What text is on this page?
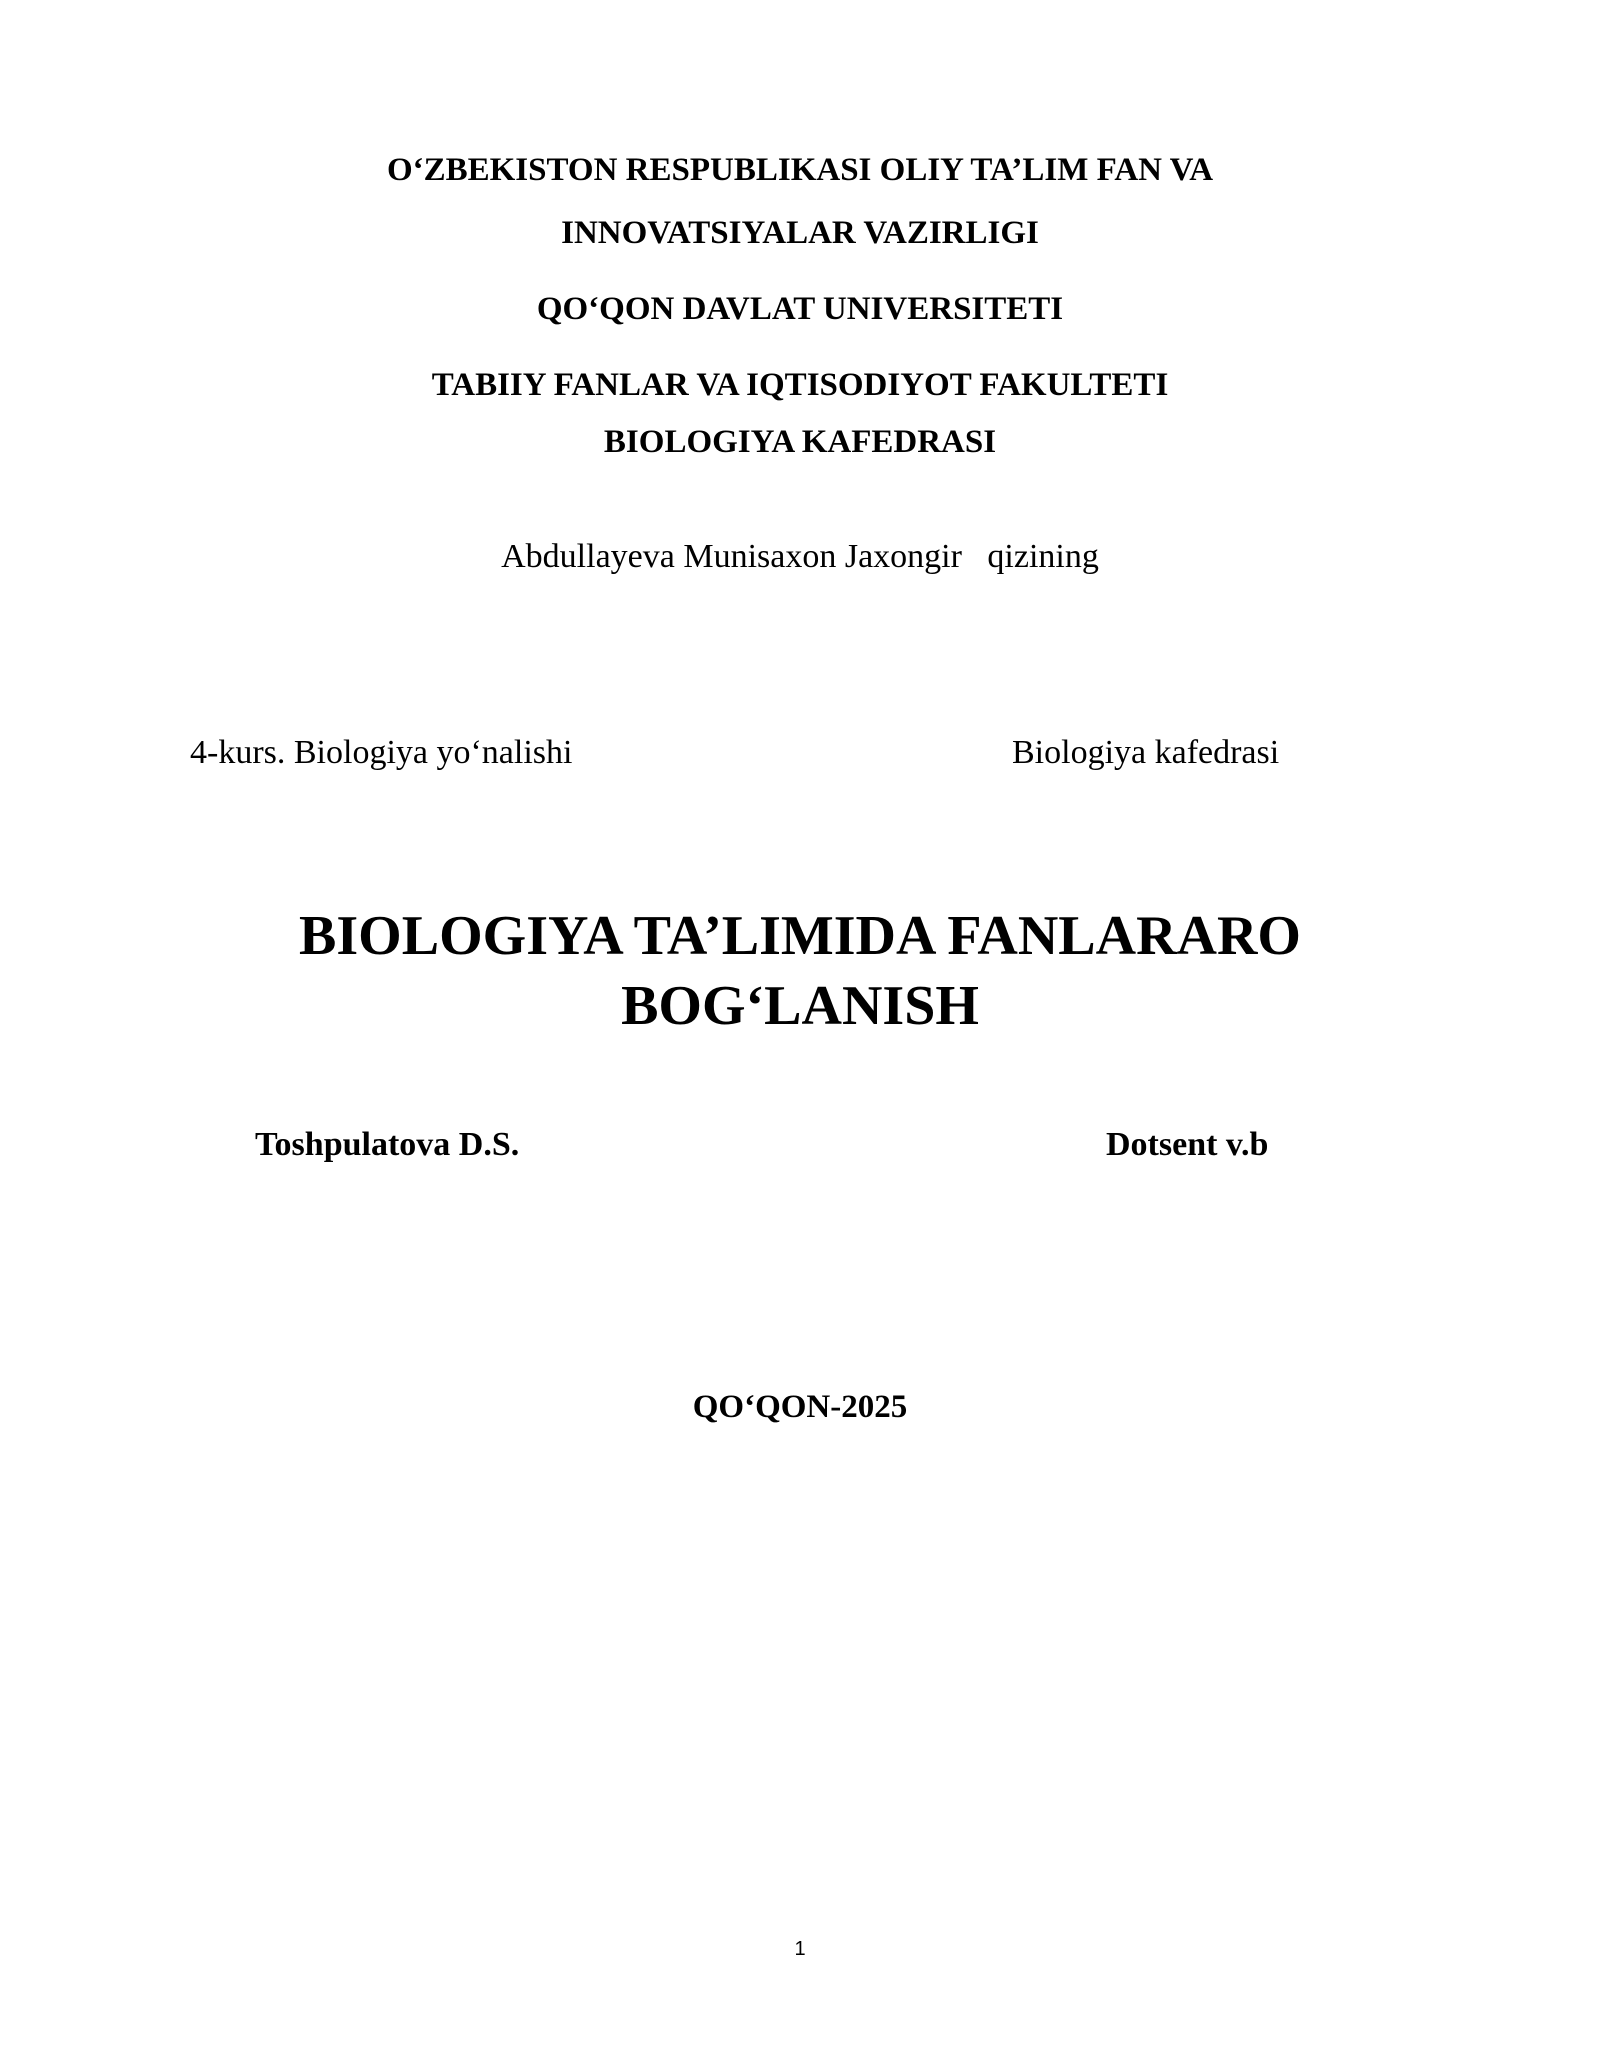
O‘ZBEKISTON RESPUBLIKASI OLIY TA’LIM FAN VA
INNOVATSIYALAR VAZIRLIGI
QO‘QON DAVLAT UNIVERSITETI
TABIIY FANLAR VA IQTISODIYOT FAKULTETI
BIOLOGIYA KAFEDRASI
Abdullayeva Munisaxon Jaxongir   qizining
4-kurs. Biologiya yo‘nalishi	Biologiya kafedrasi
BIOLOGIYA TA’LIMIDA FANLARARO
BOG‘LANISH
Toshpulatova D.S.	Dotsent v.b
QO‘QON-2025
1
